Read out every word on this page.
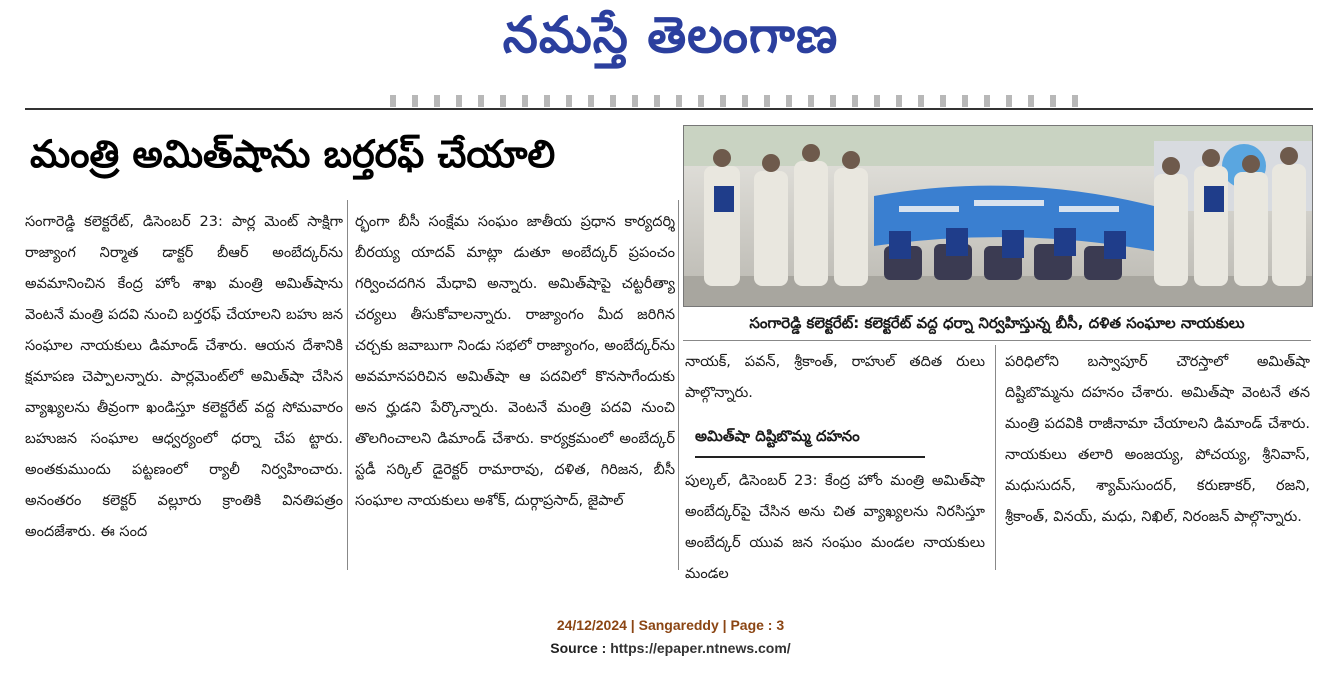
నమస్తే తెలంగాణ
మంత్రి అమిత్‌షాను బర్తరఫ్ చేయాలి

సంగారెడ్డి కలెక్టరేట్, డిసెంబర్ 23: పార్ల మెంట్ సాక్షిగా రాజ్యాంగ నిర్మాత డాక్టర్ బీఆర్ అంబేద్కర్‌ను అవమానించిన కేంద్ర హోం శాఖ మంత్రి అమిత్‌షాను వెంటనే మంత్రి పదవి నుంచి బర్తరఫ్ చేయాలని బహు జన సంఘాల నాయకులు డిమాండ్ చేశారు. ఆయన దేశానికి క్షమాపణ చెప్పాలన్నారు. పార్లమెంట్‌లో అమిత్‌షా చేసిన వ్యాఖ్యలను తీవ్రంగా ఖండిస్తూ కలెక్టరేట్ వద్ద సోమవారం బహుజన సంఘాల ఆధ్వర్యంలో ధర్నా చేప ట్టారు. అంతకుముందు పట్టణంలో ర్యాలీ నిర్వహించారు. అనంతరం కలెక్టర్ వల్లూరు క్రాంతికి వినతిపత్రం అందజేశారు. ఈ సంద

ర్భంగా బీసీ సంక్షేమ సంఘం జాతీయ ప్రధాన కార్యదర్శి బీరయ్య యాదవ్ మాట్లా డుతూ అంబేద్కర్ ప్రపంచం గర్వించదగిన మేధావి అన్నారు. అమిత్‌షాపై చట్టరీత్యా చర్యలు తీసుకోవాలన్నారు. రాజ్యాంగం మీద జరిగిన చర్చకు జవాబుగా నిండు సభలో రాజ్యాంగం, అంబేద్కర్‌ను అవమానపరిచిన అమిత్‌షా ఆ పదవిలో కొనసాగేందుకు అన ర్హుడని పేర్కొన్నారు. వెంటనే మంత్రి పదవి నుంచి తొలగించాలని డిమాండ్ చేశారు. కార్యక్రమంలో అంబేద్కర్ స్టడీ సర్కిల్ డైరెక్టర్ రామారావు, దళిత, గిరిజన, బీసీ సంఘాల నాయకులు అశోక్, దుర్గాప్రసాద్, జైపాల్

సంగారెడ్డి కలెక్టరేట్: కలెక్టరేట్ వద్ద ధర్నా నిర్వహిస్తున్న బీసీ, దళిత సంఘాల నాయకులు

నాయక్, పవన్, శ్రీకాంత్, రాహుల్ తదిత రులు పాల్గొన్నారు.

అమిత్‌షా దిష్టిబొమ్మ దహనం

పుల్కల్, డిసెంబర్ 23: కేంద్ర హోం మంత్రి అమిత్‌షా అంబేద్కర్‌పై చేసిన అను చిత వ్యాఖ్యలను నిరసిస్తూ అంబేద్కర్ యువ జన సంఘం మండల నాయకులు మండల

పరిధిలోని బస్వాపూర్ చౌరస్తాలో అమిత్‌షా దిష్టిబొమ్మను దహనం చేశారు. అమిత్‌షా వెంటనే తన మంత్రి పదవికి రాజీనామా చేయాలని డిమాండ్ చేశారు. నాయకులు తలారి అంజయ్య, పోచయ్య, శ్రీనివాస్, మధుసుదన్, శ్యామ్‌సుందర్, కరుణాకర్, రజని, శ్రీకాంత్, వినయ్, మధు, నిఖిల్, నిరంజన్ పాల్గొన్నారు.

24/12/2024 | Sangareddy | Page : 3
Source : https://epaper.ntnews.com/
